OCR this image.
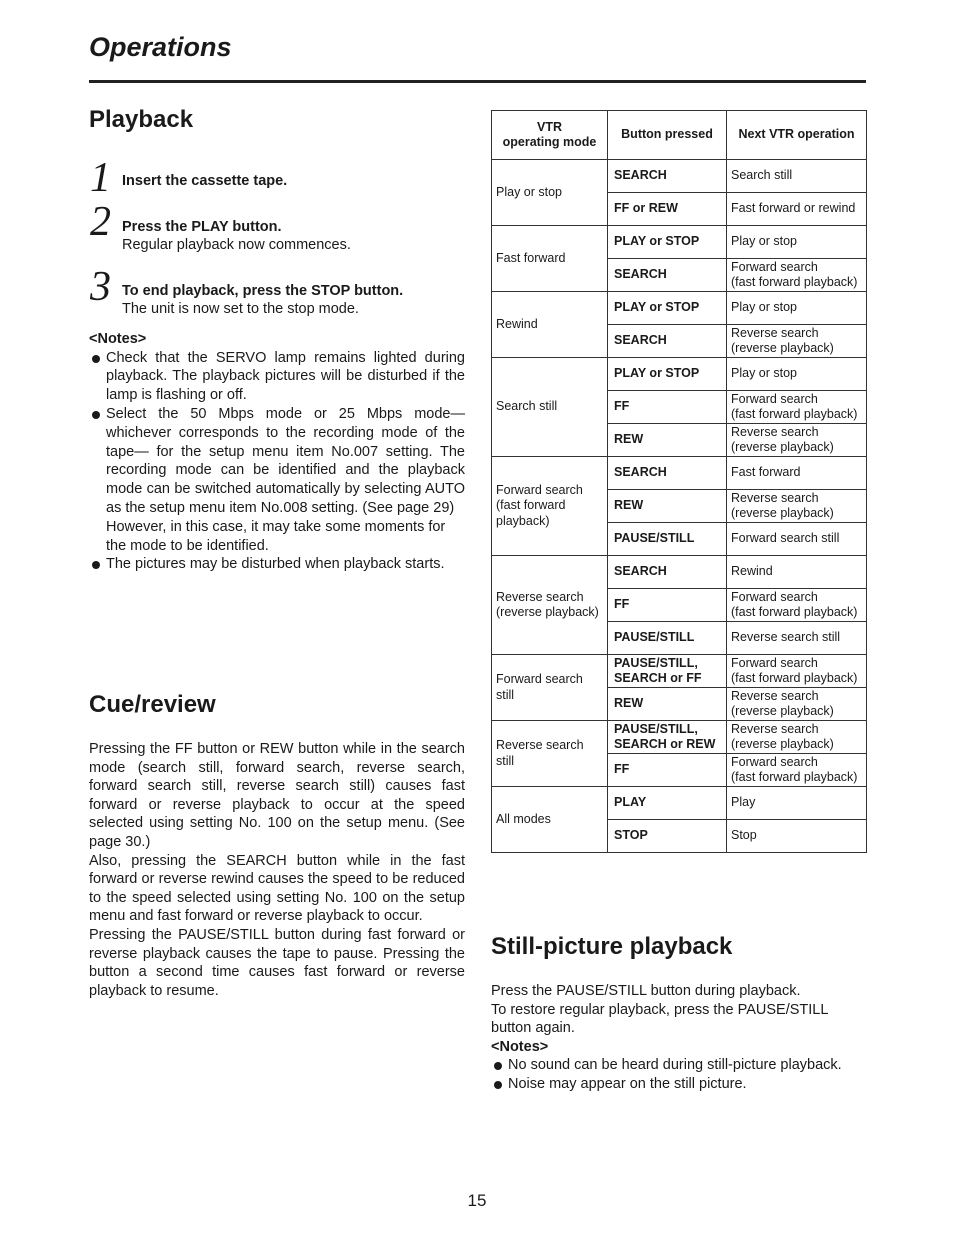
Operations
Playback
1 Insert the cassette tape.
2 Press the PLAY button.
Regular playback now commences.
3 To end playback, press the STOP button.
The unit is now set to the stop mode.
<Notes>
Check that the SERVO lamp remains lighted during playback. The playback pictures will be disturbed if the lamp is flashing or off.
Select the 50 Mbps mode or 25 Mbps mode—whichever corresponds to the recording mode of the tape— for the setup menu item No.007 setting. The recording mode can be identified and the playback mode can be switched automatically by selecting AUTO as the setup menu item No.008 setting. (See page 29)
However, in this case, it may take some moments for the mode to be identified.
The pictures may be disturbed when playback starts.
Cue/review
Pressing the FF button or REW button while in the search mode (search still, forward search, reverse search, forward search still, reverse search still) causes fast forward or reverse playback to occur at the speed selected using setting No. 100 on the setup menu. (See page 30.)
Also, pressing the SEARCH button while in the fast forward or reverse rewind causes the speed to be reduced to the speed selected using setting No. 100 on the setup menu and fast forward or reverse playback to occur.
Pressing the PAUSE/STILL button during fast forward or reverse playback causes the tape to pause. Pressing the button a second time causes fast forward or reverse playback to resume.
VTR
operating mode	Button pressed	Next VTR operation
Play or stop	SEARCH	Search still
	FF or REW	Fast forward or rewind
Fast forward	PLAY or STOP	Play or stop
	SEARCH	Forward search
(fast forward playback)
Rewind	PLAY or STOP	Play or stop
	SEARCH	Reverse search
(reverse playback)
Search still	PLAY or STOP	Play or stop
	FF	Forward search
(fast forward playback)
	REW	Reverse search
(reverse playback)
Forward search
(fast forward
playback)	SEARCH	Fast forward
	REW	Reverse search
(reverse playback)
	PAUSE/STILL	Forward search still
Reverse search
(reverse playback)	SEARCH	Rewind
	FF	Forward search
(fast forward playback)
	PAUSE/STILL	Reverse search still
Forward search
still	PAUSE/STILL,
SEARCH or FF	Forward search
(fast forward playback)
	REW	Reverse search
(reverse playback)
Reverse search
still	PAUSE/STILL,
SEARCH or REW	Reverse search
(reverse playback)
	FF	Forward search
(fast forward playback)
All modes	PLAY	Play
	STOP	Stop
Still-picture playback
Press the PAUSE/STILL button during playback.
To restore regular playback, press the PAUSE/STILL button again.
<Notes>
No sound can be heard during still-picture playback.
Noise may appear on the still picture.
15
